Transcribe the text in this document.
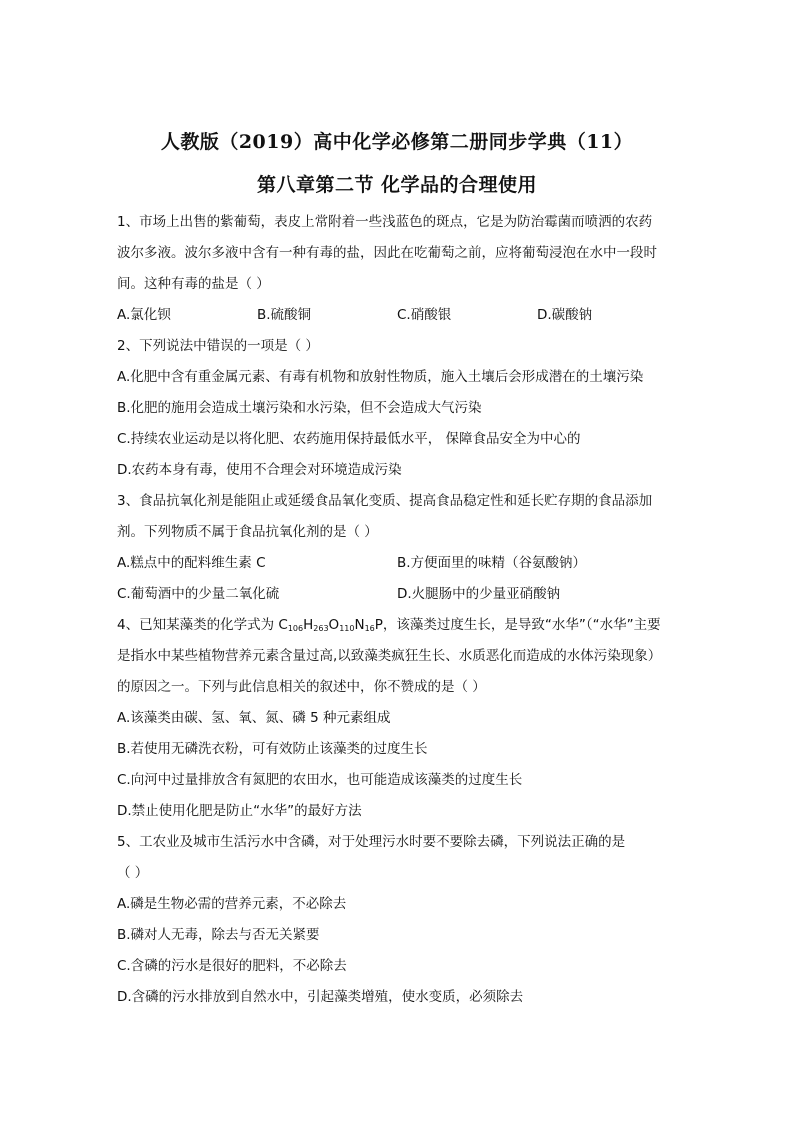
人教版（2019）高中化学必修第二册同步学典（11）
第八章第二节 化学品的合理使用
1、市场上出售的紫葡萄，表皮上常附着一些浅蓝色的斑点，它是为防治霉菌而喷洒的农药
波尔多液。波尔多液中含有一种有毒的盐，因此在吃葡萄之前，应将葡萄浸泡在水中一段时
间。这种有毒的盐是（ ）
A.氯化钡	B.硫酸铜	C.硝酸银	D.碳酸钠
2、下列说法中错误的一项是（ ）
A.化肥中含有重金属元素、有毒有机物和放射性物质，施入土壤后会形成潜在的土壤污染
B.化肥的施用会造成土壤污染和水污染，但不会造成大气污染
C.持续农业运动是以将化肥、农药施用保持最低水平， 保障食品安全为中心的
D.农药本身有毒，使用不合理会对环境造成污染
3、食品抗氧化剂是能阻止或延缓食品氧化变质、提高食品稳定性和延长贮存期的食品添加
剂。下列物质不属于食品抗氧化剂的是（ ）
A.糕点中的配料维生素 C	B.方便面里的味精（谷氨酸钠）
C.葡萄酒中的少量二氧化硫	D.火腿肠中的少量亚硝酸钠
4、已知某藻类的化学式为 $C_{106}H_{263}O_{110}N_{16}P$，该藻类过度生长，是导致“水华”（“水华”主要
是指水中某些植物营养元素含量过高,以致藻类疯狂生长、水质恶化而造成的水体污染现象）
的原因之一。下列与此信息相关的叙述中，你不赞成的是（ ）
A.该藻类由碳、氢、氧、氮、磷 5 种元素组成
B.若使用无磷洗衣粉，可有效防止该藻类的过度生长
C.向河中过量排放含有氮肥的农田水，也可能造成该藻类的过度生长
D.禁止使用化肥是防止“水华”的最好方法
5、工农业及城市生活污水中含磷，对于处理污水时要不要除去磷，下列说法正确的是
（ ）
A.磷是生物必需的营养元素，不必除去
B.磷对人无毒，除去与否无关紧要
C.含磷的污水是很好的肥料，不必除去
D.含磷的污水排放到自然水中，引起藻类增殖，使水变质，必须除去
